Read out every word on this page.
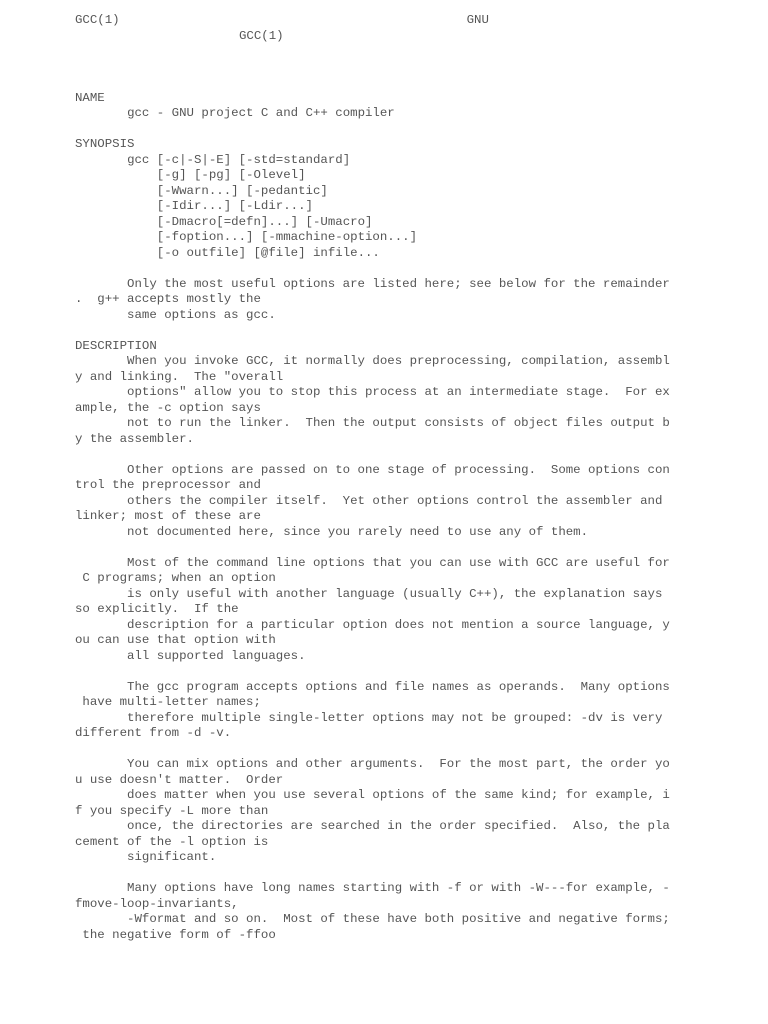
GCC(1)	GNU
GCC(1)
NAME
gcc - GNU project C and C++ compiler
SYNOPSIS
gcc [-c|-S|-E] [-std=standard]
[-g] [-pg] [-Olevel]
[-Wwarn...] [-pedantic]
[-Idir...] [-Ldir...]
[-Dmacro[=defn]...] [-Umacro]
[-foption...] [-mmachine-option...]
[-o outfile] [@file] infile...
Only the most useful options are listed here; see below for the remainder
.  g++ accepts mostly the
same options as gcc.
DESCRIPTION
When you invoke GCC, it normally does preprocessing, compilation, assembl
y and linking.  The "overall
options" allow you to stop this process at an intermediate stage.  For ex
ample, the -c option says
not to run the linker.  Then the output consists of object files output b
y the assembler.
Other options are passed on to one stage of processing.  Some options con
trol the preprocessor and
others the compiler itself.  Yet other options control the assembler and
linker; most of these are
not documented here, since you rarely need to use any of them.
Most of the command line options that you can use with GCC are useful for
C programs; when an option
is only useful with another language (usually C++), the explanation says
so explicitly.  If the
description for a particular option does not mention a source language, y
ou can use that option with
all supported languages.
The gcc program accepts options and file names as operands.  Many options
have multi-letter names;
therefore multiple single-letter options may not be grouped: -dv is very
different from -d -v.
You can mix options and other arguments.  For the most part, the order yo
u use doesn't matter.  Order
does matter when you use several options of the same kind; for example, i
f you specify -L more than
once, the directories are searched in the order specified.  Also, the pla
cement of the -l option is
significant.
Many options have long names starting with -f or with -W---for example, -
fmove-loop-invariants,
-Wformat and so on.  Most of these have both positive and negative forms;
the negative form of -ffoo
